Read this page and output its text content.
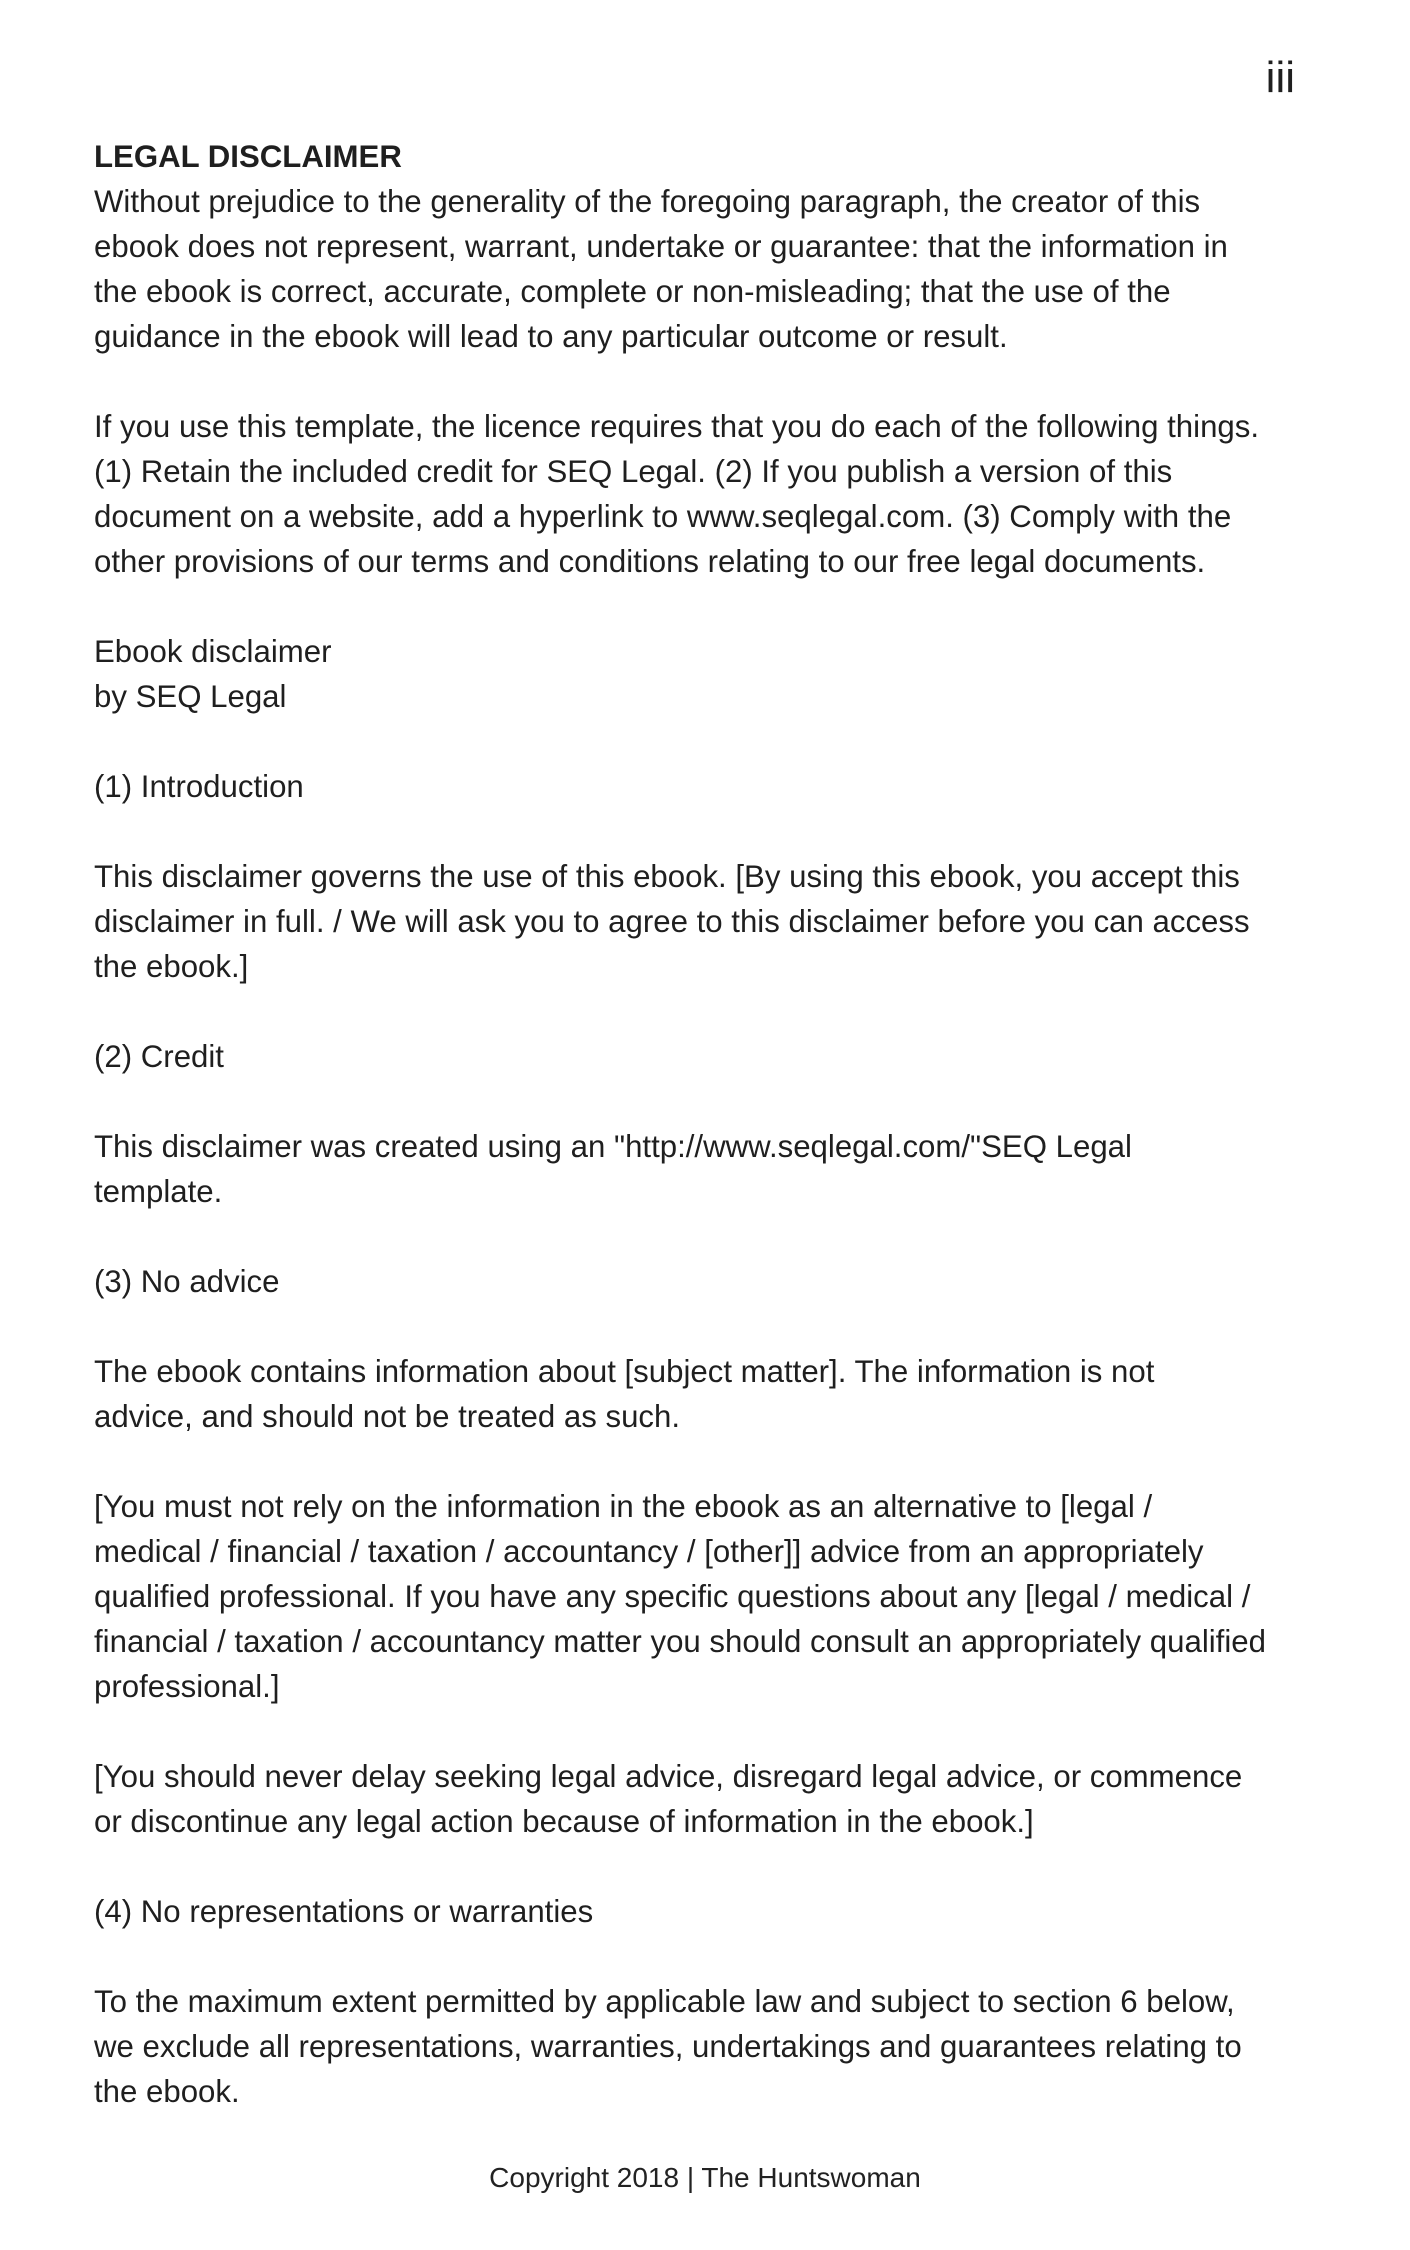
iii

LEGAL DISCLAIMER

Without prejudice to the generality of the foregoing paragraph, the creator of this

ebook does not represent, warrant, undertake or guarantee: that the information in

the ebook is correct, accurate, complete or non-misleading; that the use of the

guidance in the ebook will lead to any particular outcome or result.

If you use this template, the licence requires that you do each of the following things.

(1) Retain the included credit for SEQ Legal. (2) If you publish a version of this

document on a website, add a hyperlink to www.seqlegal.com. (3) Comply with the

other provisions of our terms and conditions relating to our free legal documents.

Ebook disclaimer

by SEQ Legal

(1) Introduction

This disclaimer governs the use of this ebook. [By using this ebook, you accept this

disclaimer in full. / We will ask you to agree to this disclaimer before you can access

the ebook.]

(2) Credit

This disclaimer was created using an "http://www.seqlegal.com/"SEQ Legal

template.

(3) No advice

The ebook contains information about [subject matter]. The information is not

advice, and should not be treated as such.

[You must not rely on the information in the ebook as an alternative to [legal /

medical / financial / taxation / accountancy / [other]] advice from an appropriately

qualified professional. If you have any specific questions about any [legal / medical /

financial / taxation / accountancy matter you should consult an appropriately qualified

professional.]

[You should never delay seeking legal advice, disregard legal advice, or commence

or discontinue any legal action because of information in the ebook.]

(4) No representations or warranties

To the maximum extent permitted by applicable law and subject to section 6 below,

we exclude all representations, warranties, undertakings and guarantees relating to

the ebook.

Copyright 2018 | The Huntswoman
